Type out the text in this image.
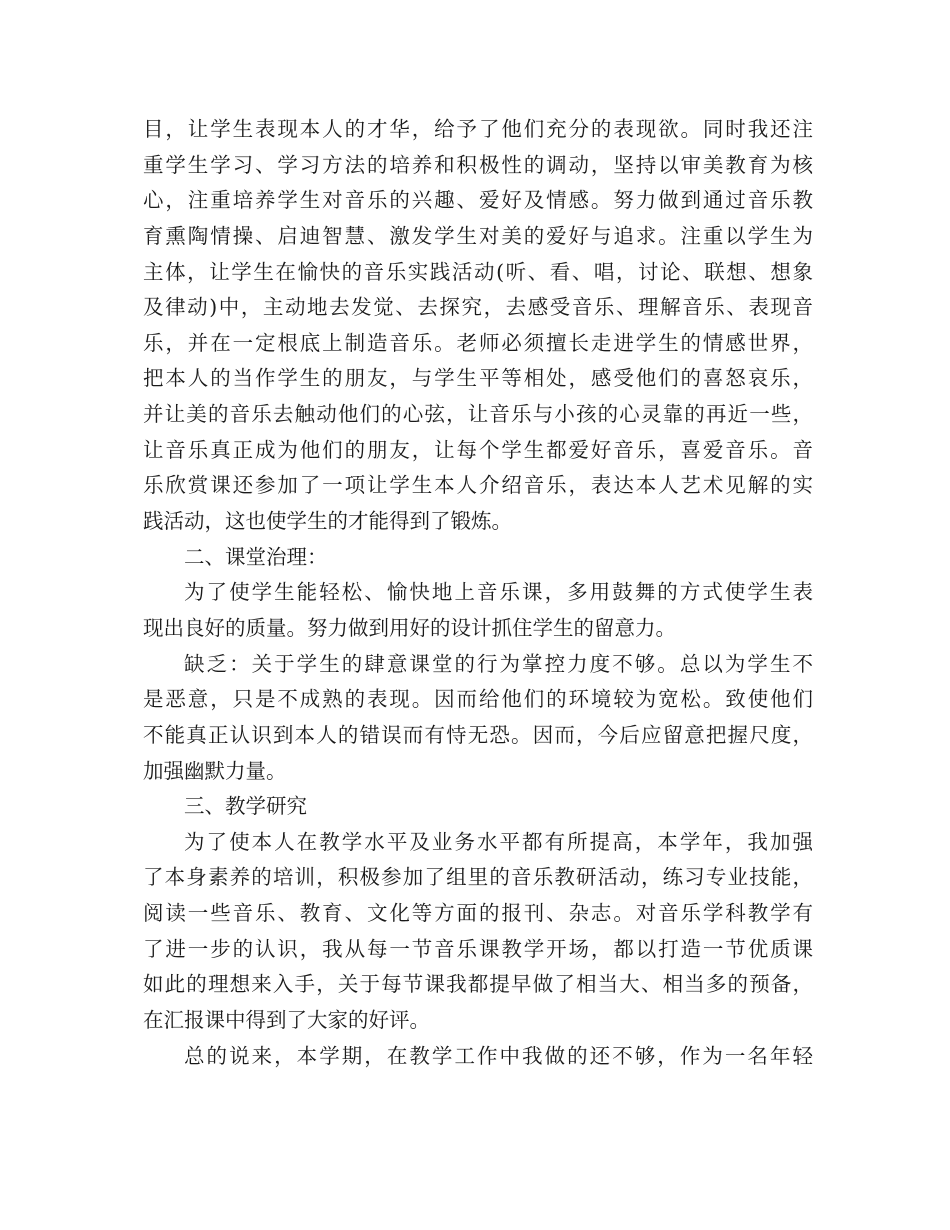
目，让学生表现本人的才华，给予了他们充分的表现欲。同时我还注
重学生学习、学习方法的培养和积极性的调动，坚持以审美教育为核
心，注重培养学生对音乐的兴趣、爱好及情感。努力做到通过音乐教
育熏陶情操、启迪智慧、激发学生对美的爱好与追求。注重以学生为
主体，让学生在愉快的音乐实践活动(听、看、唱，讨论、联想、想象
及律动)中，主动地去发觉、去探究，去感受音乐、理解音乐、表现音
乐，并在一定根底上制造音乐。老师必须擅长走进学生的情感世界，
把本人的当作学生的朋友，与学生平等相处，感受他们的喜怒哀乐，
并让美的音乐去触动他们的心弦，让音乐与小孩的心灵靠的再近一些，
让音乐真正成为他们的朋友，让每个学生都爱好音乐，喜爱音乐。音
乐欣赏课还参加了一项让学生本人介绍音乐，表达本人艺术见解的实
践活动，这也使学生的才能得到了锻炼。
二、课堂治理：
为了使学生能轻松、愉快地上音乐课，多用鼓舞的方式使学生表
现出良好的质量。努力做到用好的设计抓住学生的留意力。
缺乏：关于学生的肆意课堂的行为掌控力度不够。总以为学生不
是恶意，只是不成熟的表现。因而给他们的环境较为宽松。致使他们
不能真正认识到本人的错误而有恃无恐。因而，今后应留意把握尺度，
加强幽默力量。
三、教学研究
为了使本人在教学水平及业务水平都有所提高，本学年，我加强
了本身素养的培训，积极参加了组里的音乐教研活动，练习专业技能，
阅读一些音乐、教育、文化等方面的报刊、杂志。对音乐学科教学有
了进一步的认识，我从每一节音乐课教学开场，都以打造一节优质课
如此的理想来入手，关于每节课我都提早做了相当大、相当多的预备，
在汇报课中得到了大家的好评。
总的说来，本学期，在教学工作中我做的还不够，作为一名年轻
